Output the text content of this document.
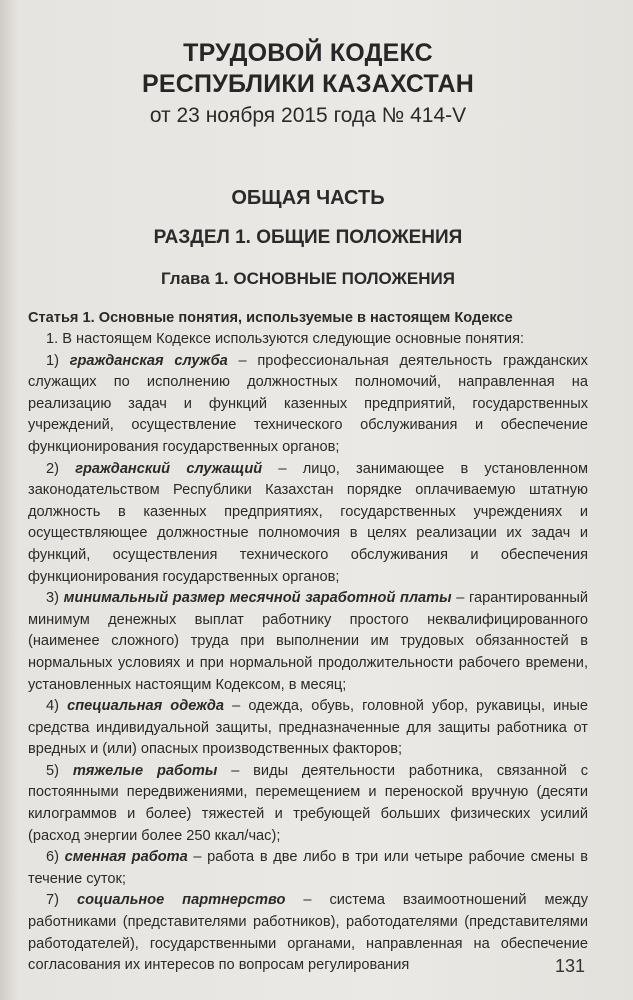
ТРУДОВОЙ КОДЕКС
РЕСПУБЛИКИ КАЗАХСТАН
от 23 ноября 2015 года № 414-V
ОБЩАЯ ЧАСТЬ
РАЗДЕЛ 1. ОБЩИЕ ПОЛОЖЕНИЯ
Глава 1. ОСНОВНЫЕ ПОЛОЖЕНИЯ
Статья 1. Основные понятия, используемые в настоящем Кодексе
1. В настоящем Кодексе используются следующие основные понятия:
1) гражданская служба – профессиональная деятельность гражданских служащих по исполнению должностных полномочий, направленная на реализацию задач и функций казенных предприятий, государственных учреждений, осуществление технического обслуживания и обеспечение функционирования государственных органов;
2) гражданский служащий – лицо, занимающее в установленном законодательством Республики Казахстан порядке оплачиваемую штатную должность в казенных предприятиях, государственных учреждениях и осуществляющее должностные полномочия в целях реализации их задач и функций, осуществления технического обслуживания и обеспечения функционирования государственных органов;
3) минимальный размер месячной заработной платы – гарантированный минимум денежных выплат работнику простого неквалифицированного (наименее сложного) труда при выполнении им трудовых обязанностей в нормальных условиях и при нормальной продолжительности рабочего времени, установленных настоящим Кодексом, в месяц;
4) специальная одежда – одежда, обувь, головной убор, рукавицы, иные средства индивидуальной защиты, предназначенные для защиты работника от вредных и (или) опасных производственных факторов;
5) тяжелые работы – виды деятельности работника, связанной с постоянными передвижениями, перемещением и переноской вручную (десяти килограммов и более) тяжестей и требующей больших физических усилий (расход энергии более 250 ккал/час);
6) сменная работа – работа в две либо в три или четыре рабочие смены в течение суток;
7) социальное партнерство – система взаимоотношений между работниками (представителями работников), работодателями (представителями работодателей), государственными органами, направленная на обеспечение согласования их интересов по вопросам регулирования	131
